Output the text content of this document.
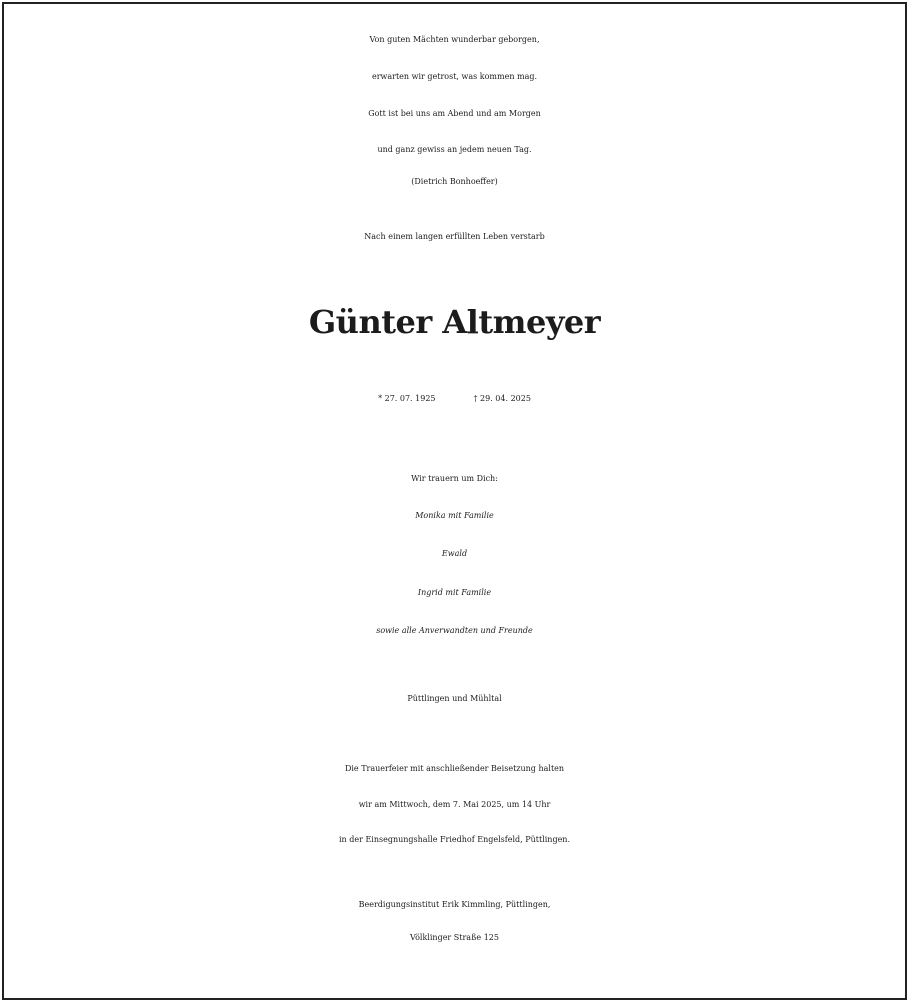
Von guten Mächten wunderbar geborgen,
erwarten wir getrost, was kommen mag.
Gott ist bei uns am Abend und am Morgen
und ganz gewiss an jedem neuen Tag.
(Dietrich Bonhoeffer)
Nach einem langen erfüllten Leben verstarb
Günter Altmeyer
* 27. 07. 1925	† 29. 04. 2025
Wir trauern um Dich:
Monika mit Familie
Ewald
Ingrid mit Familie
sowie alle Anverwandten und Freunde
Püttlingen und Mühltal
Die Trauerfeier mit anschließender Beisetzung halten
wir am Mittwoch, dem 7. Mai 2025, um 14 Uhr
in der Einsegnungshalle Friedhof Engelsfeld, Püttlingen.
Beerdigungsinstitut Erik Kimmling, Püttlingen,
Völklinger Straße 125
